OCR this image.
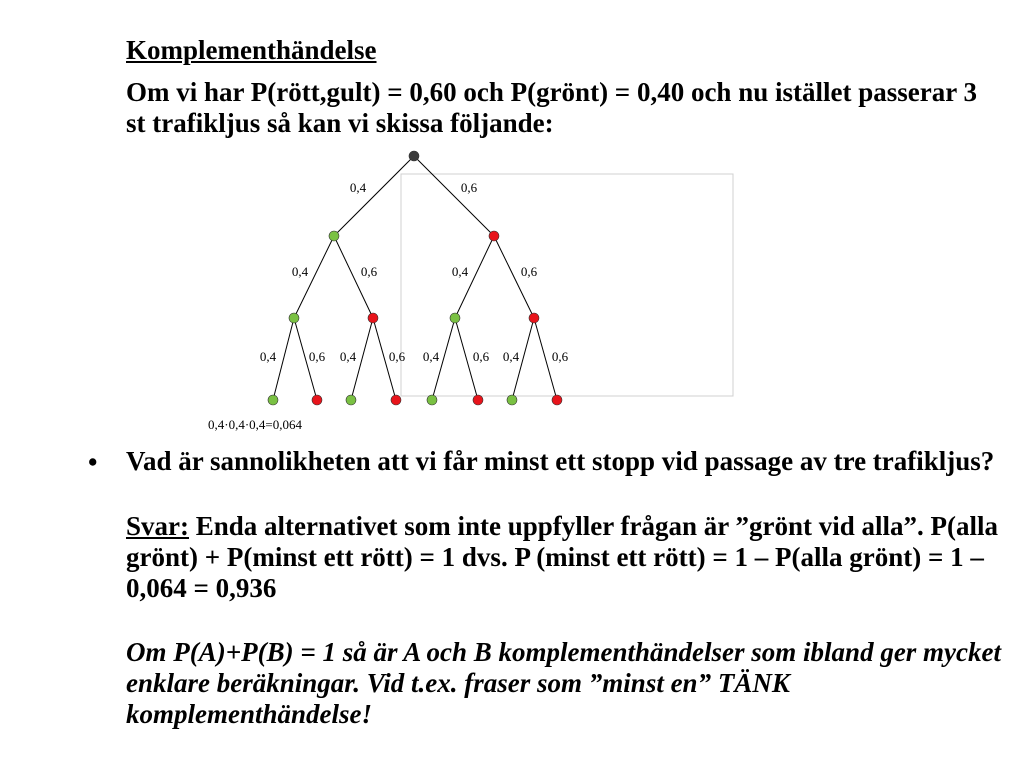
Komplementhändelse
Om vi har P(rött,gult) = 0,60 och P(grönt) = 0,40 och nu istället passerar 3 st trafikljus så kan vi skissa följande:
0,4	0,6
0,4	0,6	0,4	0,6
0,4	0,6 0,4	0,6 0,4	0,6 0,4	0,6
0,4·0,4·0,4=0,064
• Vad är sannolikheten att vi får minst ett stopp vid passage av tre trafikljus?
Svar: Enda alternativet som inte uppfyller frågan är ”grönt vid alla”. P(alla grönt) + P(minst ett rött) = 1 dvs. P (minst ett rött) = 1 – P(alla grönt) = 1 – 0,064 = 0,936
Om P(A)+P(B) = 1 så är A och B komplementhändelser som ibland ger mycket enklare beräkningar. Vid t.ex. fraser som ”minst en” TÄNK komplementhändelse!
